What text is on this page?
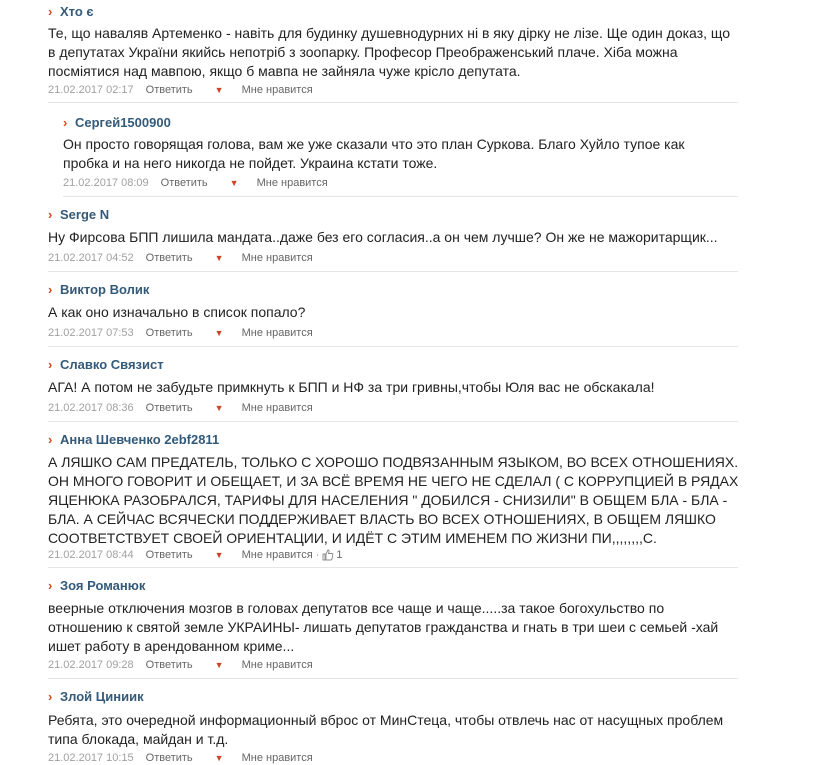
› Хто є
Те, що наваляв Артеменко - навіть для будинку душевнодурних ні в яку дірку не лізе. Ще один доказ, що
в депутатах України якийсь непотріб з зоопарку. Професор Преображенський плаче. Хіба можна
посміятися над мавпою, якщо б мавпа не зайняла чуже крісло депутата.
21.02.2017 02:17 Ответить ▼ Мне нравится
› Сергей1500900
Он просто говорящая голова, вам же уже сказали что это план Суркова. Благо Хуйло тупое как
пробка и на него никогда не пойдет. Украина кстати тоже.
21.02.2017 08:09 Ответить ▼ Мне нравится
› Serge N
Ну Фирсова БПП лишила мандата..даже без его согласия..а он чем лучше? Он же не мажоритарщик...
21.02.2017 04:52 Ответить ▼ Мне нравится
› Виктор Волик
А как оно изначально в список попало?
21.02.2017 07:53 Ответить ▼ Мне нравится
› Славко Связист
АГА! А потом не забудьте примкнуть к БПП и НФ за три гривны,чтобы Юля вас не обскакала!
21.02.2017 08:36 Ответить ▼ Мне нравится
› Анна Шевченко 2ebf2811
А ЛЯШКО САМ ПРЕДАТЕЛЬ, ТОЛЬКО С ХОРОШО ПОДВЯЗАННЫМ ЯЗЫКОМ, ВО ВСЕХ ОТНОШЕНИЯХ.
ОН МНОГО ГОВОРИТ И ОБЕЩАЕТ, И ЗА ВСЁ ВРЕМЯ НЕ ЧЕГО НЕ СДЕЛАЛ ( С КОРРУПЦИЕЙ В РЯДАХ
ЯЦЕНЮКА РАЗОБРАЛСЯ, ТАРИФЫ ДЛЯ НАСЕЛЕНИЯ " ДОБИЛСЯ - СНИЗИЛИ" В ОБЩЕМ БЛА - БЛА -
БЛА. А СЕЙЧАС ВСЯЧЕСКИ ПОДДЕРЖИВАЕТ ВЛАСТЬ ВО ВСЕХ ОТНОШЕНИЯХ, В ОБЩЕМ ЛЯШКО
СООТВЕТСТВУЕТ СВОЕЙ ОРИЕНТАЦИИ, И ИДЁТ С ЭТИМ ИМЕНЕМ ПО ЖИЗНИ ПИ,,,,,,,,С.
21.02.2017 08:44 Ответить ▼ Мне нравится · 1
› Зоя Романюк
веерные отключения мозгов в головах депутатов все чаще и чаще.....за такое богохульство по
отношению к святой земле УКРАИНЫ- лишать депутатов гражданства и гнать в три шеи с семьей -хай
ишет работу в арендованном криме...
21.02.2017 09:28 Ответить ▼ Мне нравится
› Злой Циниик
Ребята, это очередной информационный вброс от МинСтеца, чтобы отвлечь нас от насущных проблем
типа блокада, майдан и т.д.
21.02.2017 10:15 Ответить ▼ Мне нравится
